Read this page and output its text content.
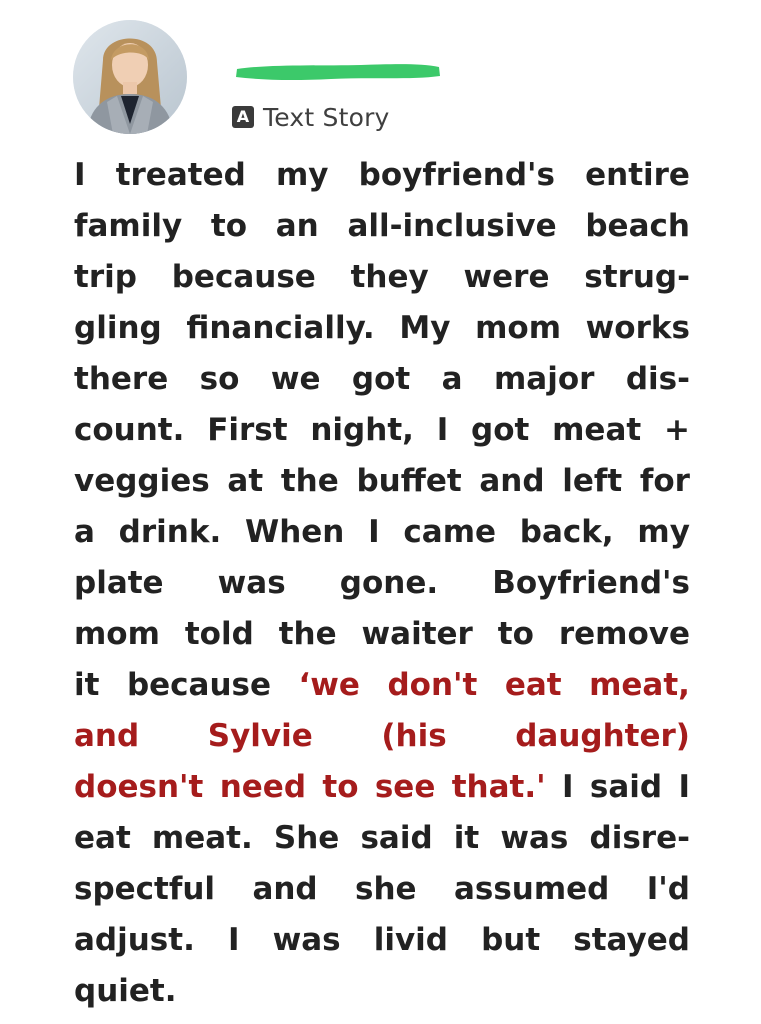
A Text Story
I treated my boyfriend's entire
family to an all-inclusive beach
trip because they were strug-
gling financially. My mom works
there so we got a major dis-
count. First night, I got meat +
veggies at the buffet and left for
a drink. When I came back, my
plate was gone. Boyfriend's
mom told the waiter to remove
it because ‘we don't eat meat,
and Sylvie (his daughter)
doesn't need to see that.' I said I
eat meat. She said it was disre-
spectful and she assumed I'd
adjust. I was livid but stayed
quiet.
